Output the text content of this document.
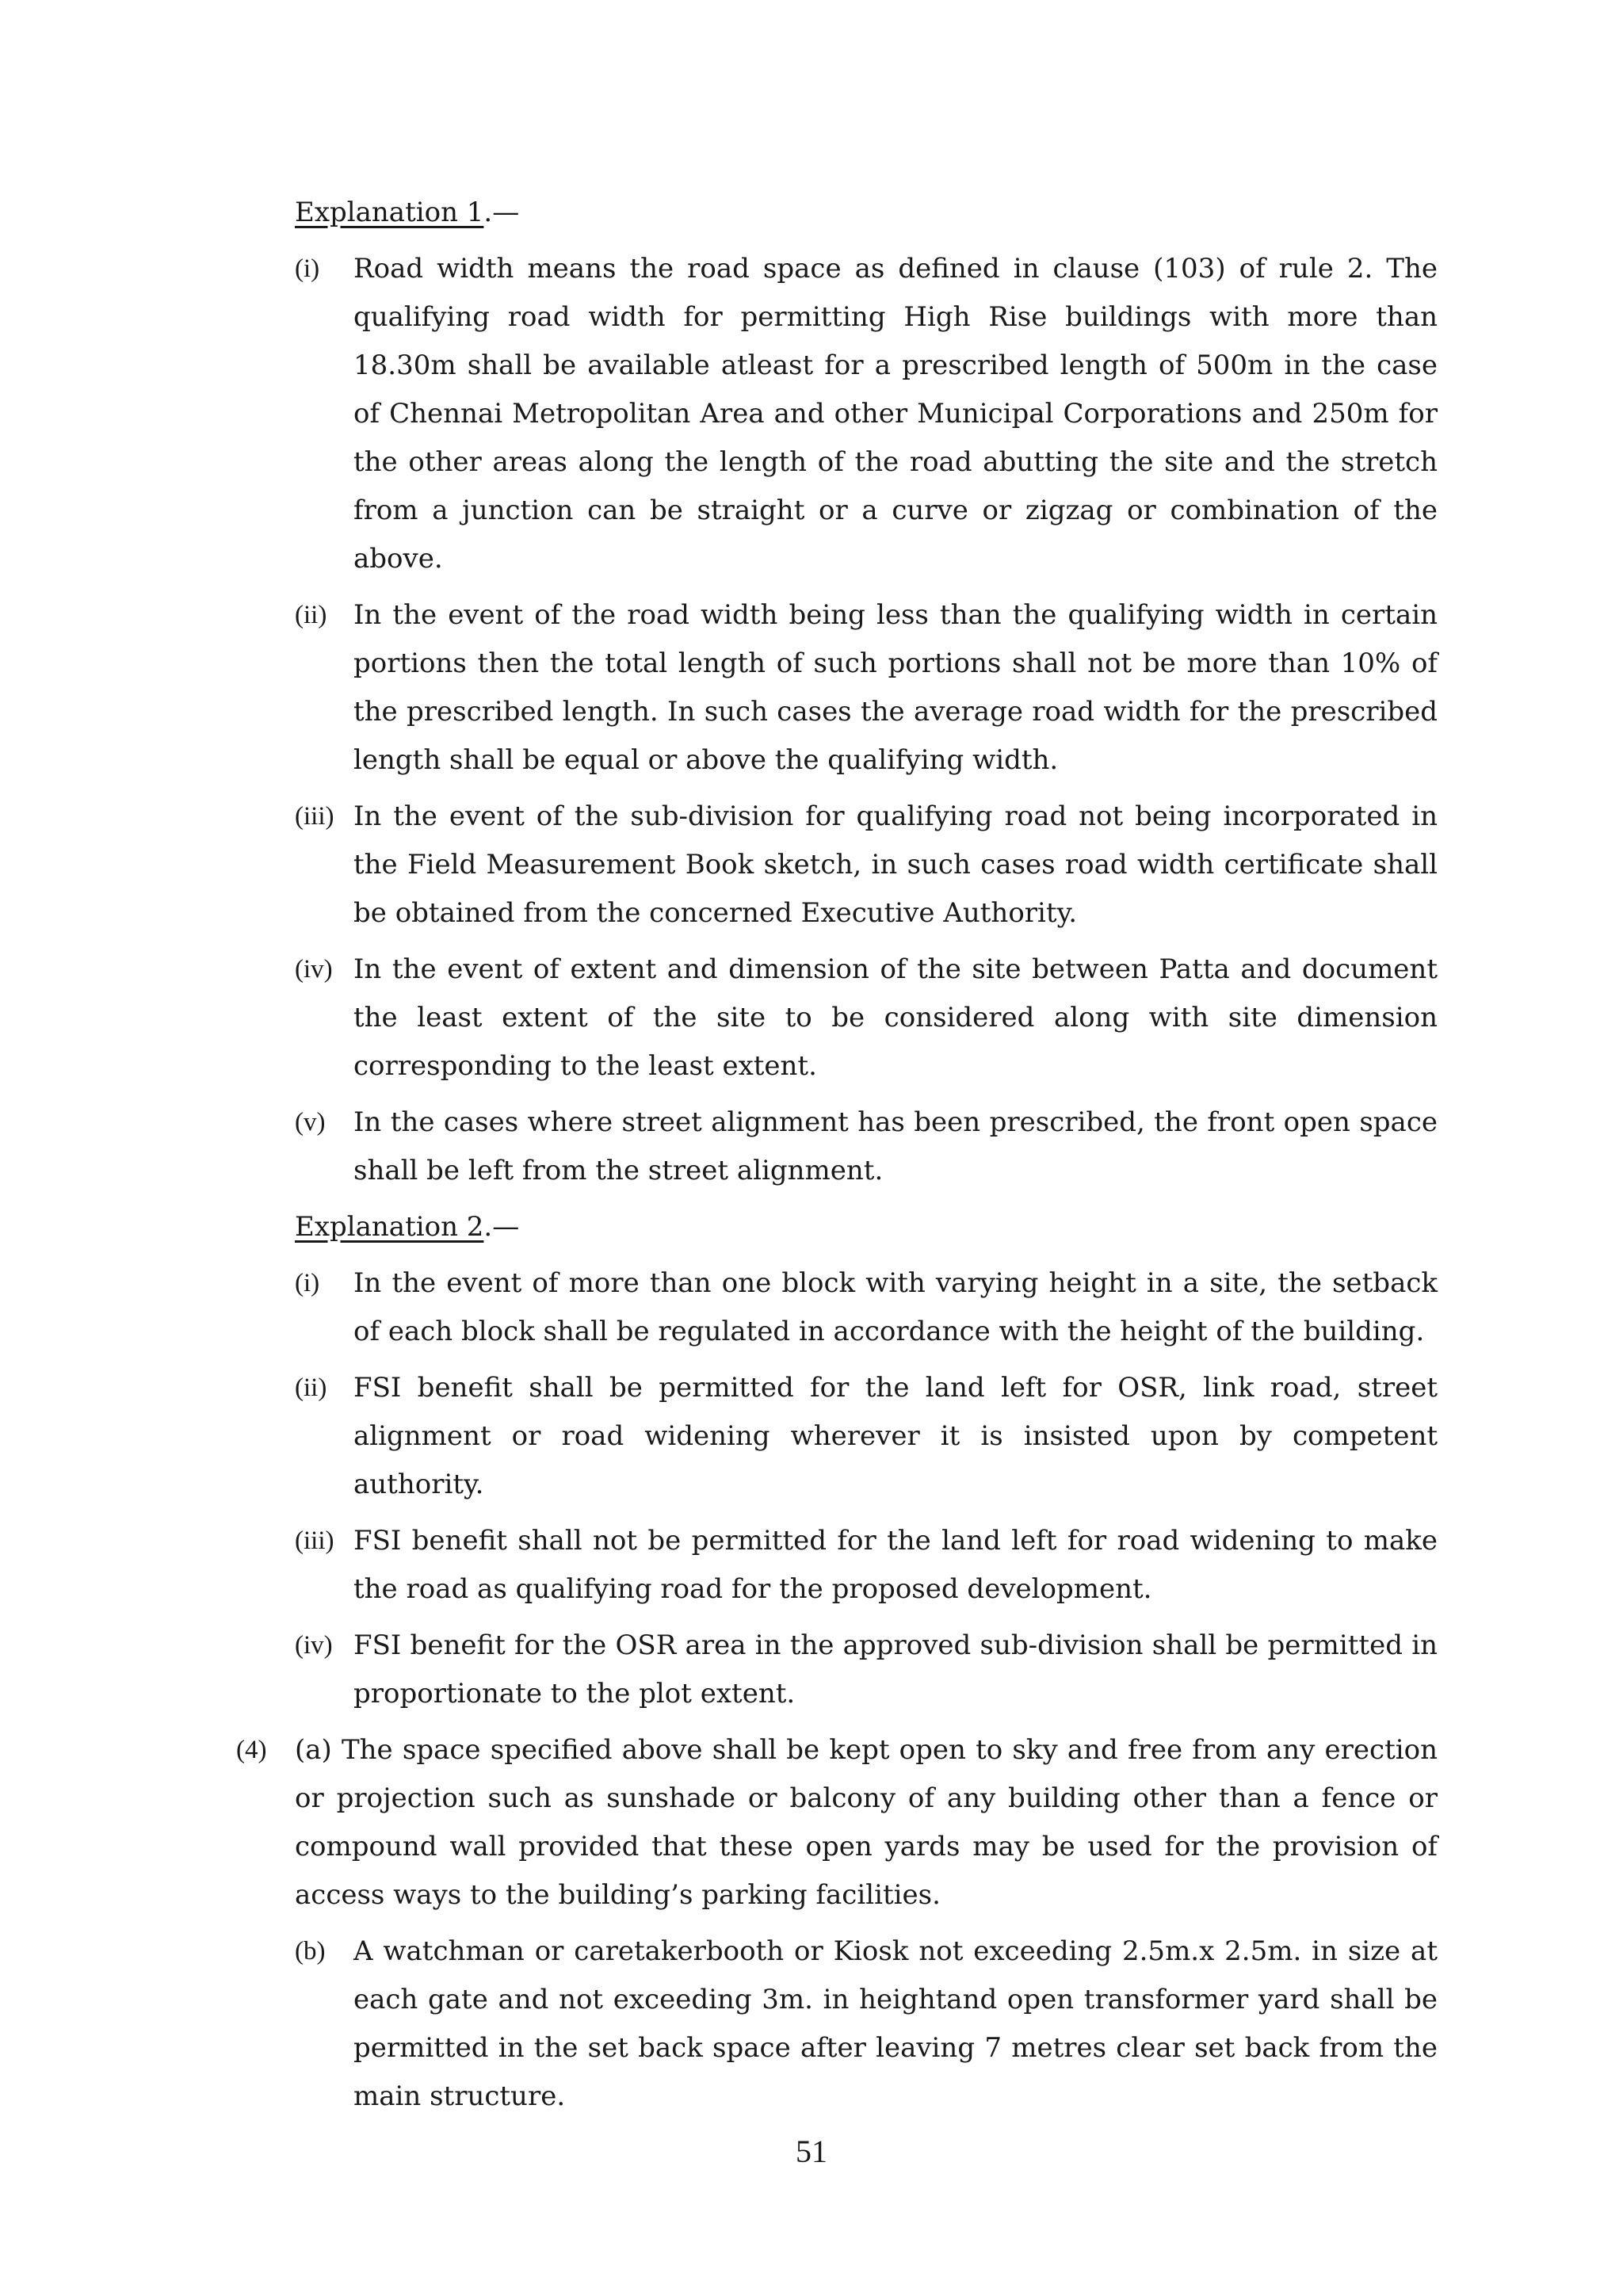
Explanation 1.—
(i) Road width means the road space as defined in clause (103) of rule 2. The qualifying road width for permitting High Rise buildings with more than 18.30m shall be available atleast for a prescribed length of 500m in the case of Chennai Metropolitan Area and other Municipal Corporations and 250m for the other areas along the length of the road abutting the site and the stretch from a junction can be straight or a curve or zigzag or combination of the above.
(ii) In the event of the road width being less than the qualifying width in certain portions then the total length of such portions shall not be more than 10% of the prescribed length. In such cases the average road width for the prescribed length shall be equal or above the qualifying width.
(iii) In the event of the sub-division for qualifying road not being incorporated in the Field Measurement Book sketch, in such cases road width certificate shall be obtained from the concerned Executive Authority.
(iv) In the event of extent and dimension of the site between Patta and document the least extent of the site to be considered along with site dimension corresponding to the least extent.
(v) In the cases where street alignment has been prescribed, the front open space shall be left from the street alignment.
Explanation 2.—
(i) In the event of more than one block with varying height in a site, the setback of each block shall be regulated in accordance with the height of the building.
(ii) FSI benefit shall be permitted for the land left for OSR, link road, street alignment or road widening wherever it is insisted upon by competent authority.
(iii) FSI benefit shall not be permitted for the land left for road widening to make the road as qualifying road for the proposed development.
(iv) FSI benefit for the OSR area in the approved sub-division shall be permitted in proportionate to the plot extent.
(4) (a) The space specified above shall be kept open to sky and free from any erection or projection such as sunshade or balcony of any building other than a fence or compound wall provided that these open yards may be used for the provision of access ways to the building’s parking facilities.
(b) A watchman or caretakerbooth or Kiosk not exceeding 2.5m.x 2.5m. in size at each gate and not exceeding 3m. in heightand open transformer yard shall be permitted in the set back space after leaving 7 metres clear set back from the main structure.
51
